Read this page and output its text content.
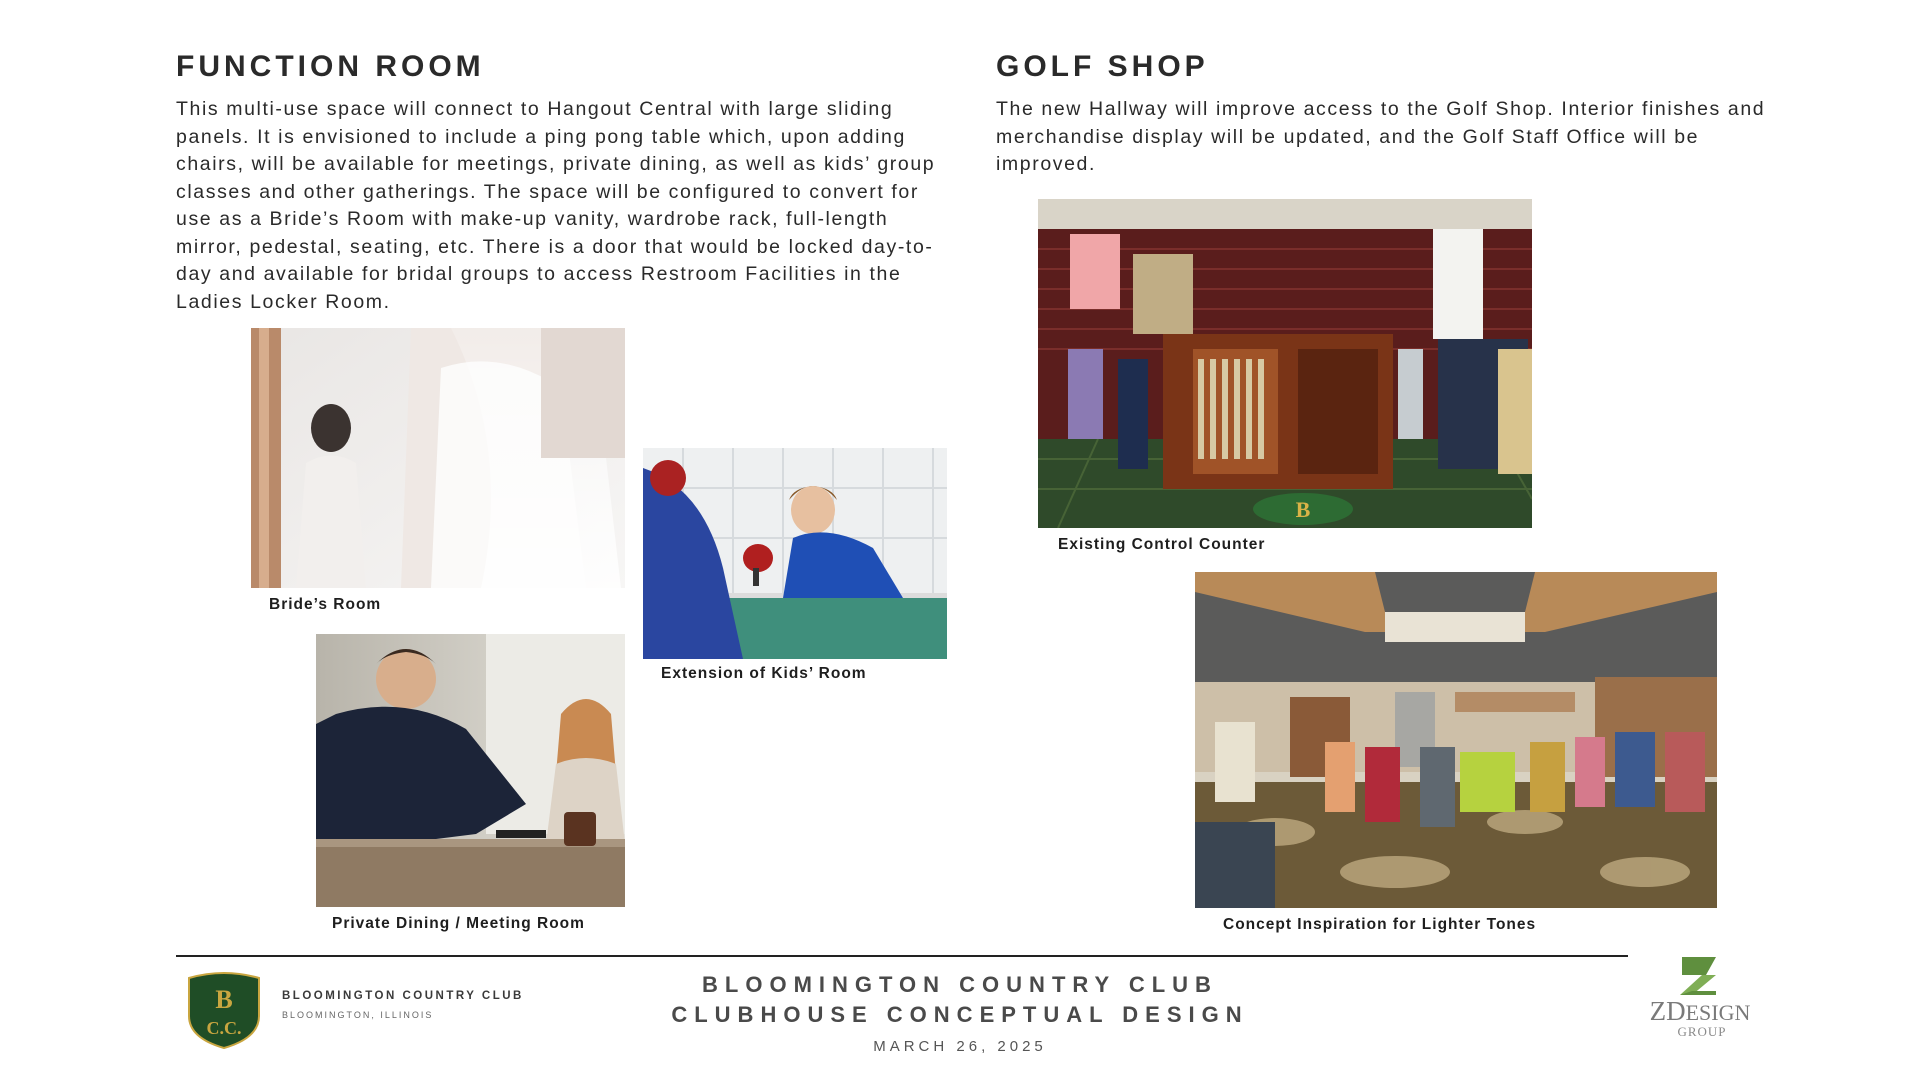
FUNCTION ROOM

This multi-use space will connect to Hangout Central with large sliding panels. It is envisioned to include a ping pong table which, upon adding chairs, will be available for meetings, private dining, as well as kids’ group classes and other gatherings. The space will be configured to convert for use as a Bride’s Room with make-up vanity, wardrobe rack, full-length mirror, pedestal, seating, etc. There is a door that would be locked day-to-day and available for bridal groups to access Restroom Facilities in the Ladies Locker Room.

Bride’s Room
Extension of Kids’ Room
Private Dining / Meeting Room
GOLF SHOP

The new Hallway will improve access to the Golf Shop. Interior finishes and merchandise display will be updated, and the Golf Staff Office will be improved.

B
Existing Control Counter
Concept Inspiration for Lighter Tones
B
C.C.
BLOOMINGTON COUNTRY CLUB
BLOOMINGTON, ILLINOIS
BLOOMINGTON COUNTRY CLUB
CLUBHOUSE CONCEPTUAL DESIGN
MARCH 26, 2025
ZDESIGN
GROUP
